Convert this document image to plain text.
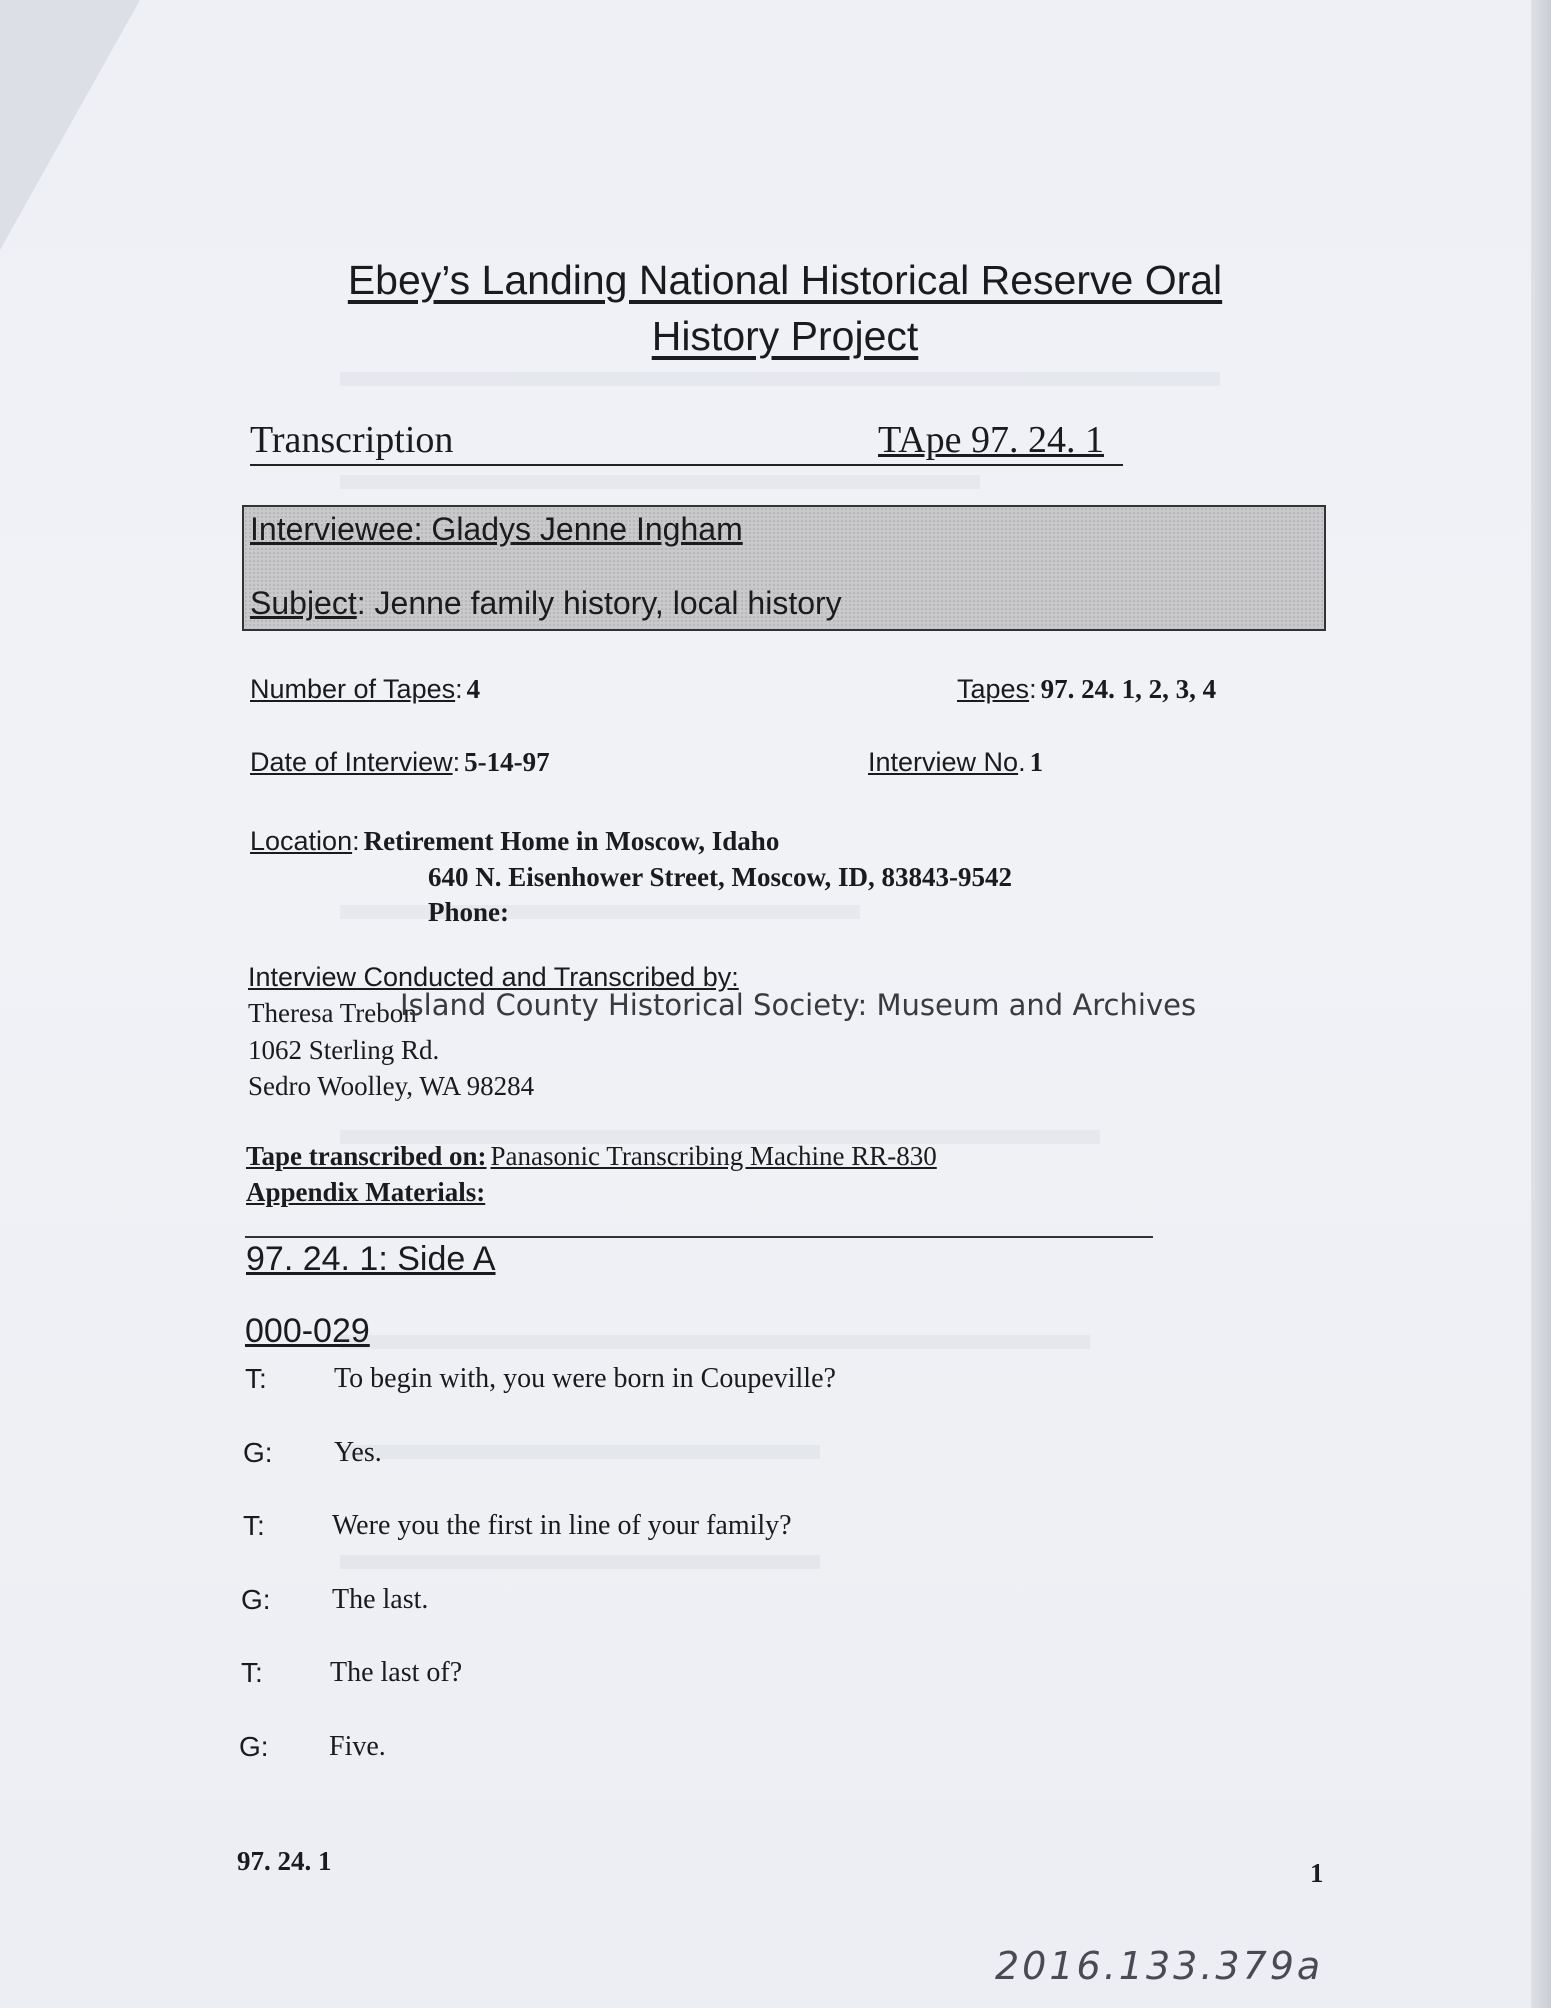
Ebey’s Landing National Historical Reserve Oral
History Project
Transcription	TApe 97. 24. 1
Interviewee: Gladys Jenne Ingham
Subject: Jenne family history, local history
Number of Tapes: 4	Tapes: 97. 24. 1, 2, 3, 4
Date of Interview: 5-14-97	Interview No. 1
Location: Retirement Home in Moscow, Idaho
640 N. Eisenhower Street, Moscow, ID, 83843-9542
Phone:
Interview Conducted and Transcribed by:
Theresa Trebon
Island County Historical Society: Museum and Archives
1062 Sterling Rd.
Sedro Woolley, WA 98284
Tape transcribed on: Panasonic Transcribing Machine RR-830
Appendix Materials:
97. 24. 1: Side A
000-029
T: To begin with, you were born in Coupeville?
G: Yes.
T: Were you the first in line of your family?
G: The last.
T: The last of?
G: Five.
97. 24. 1	1
2016.133.379a
